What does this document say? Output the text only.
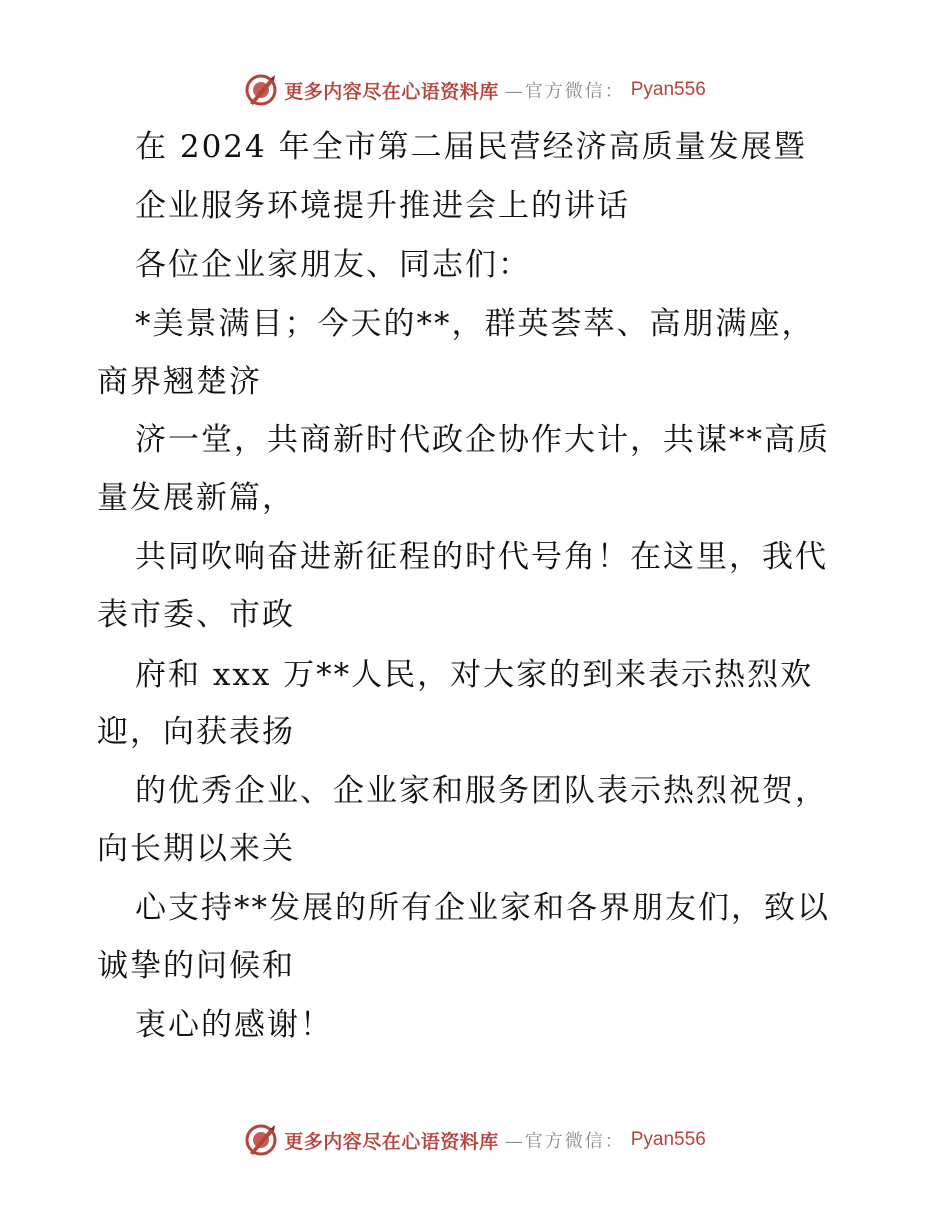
更多内容尽在心语资料库 —官方微信： Pyan556
在 2024 年全市第二届民营经济高质量发展暨
企业服务环境提升推进会上的讲话
各位企业家朋友、同志们：
*美景满目；今天的**，群英荟萃、高朋满座，
商界翘楚济
济一堂，共商新时代政企协作大计，共谋**高质
量发展新篇，
共同吹响奋进新征程的时代号角！在这里，我代
表市委、市政
府和 xxx 万**人民，对大家的到来表示热烈欢
迎，向获表扬
的优秀企业、企业家和服务团队表示热烈祝贺，
向长期以来关
心支持**发展的所有企业家和各界朋友们，致以
诚挚的问候和
衷心的感谢！
更多内容尽在心语资料库 —官方微信： Pyan556
